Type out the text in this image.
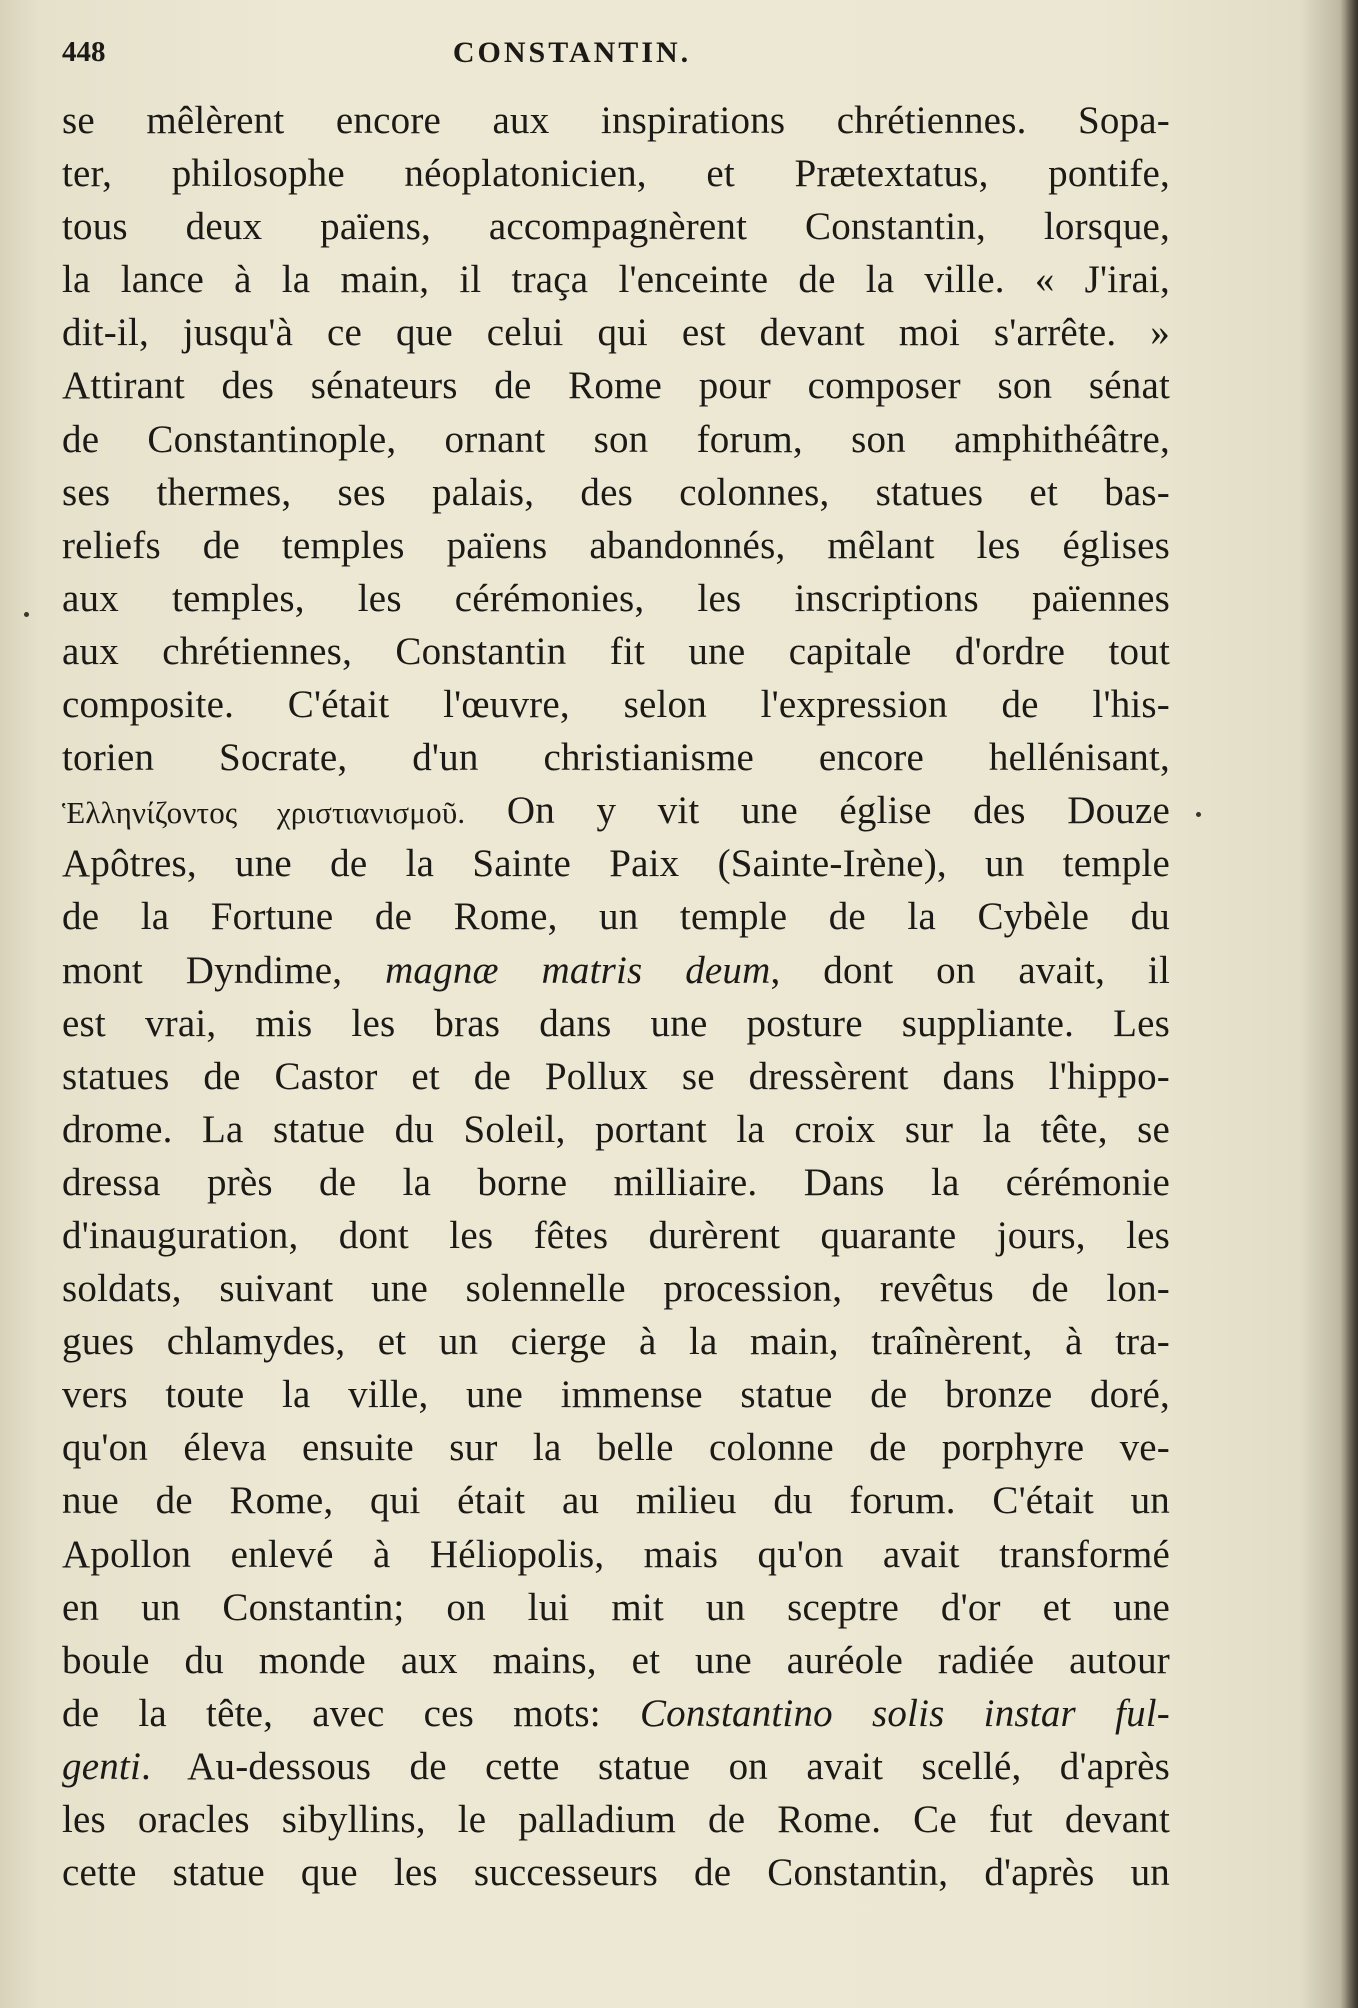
448	CONSTANTIN.
se mêlèrent encore aux inspirations chrétiennes. Sopa-
ter, philosophe néoplatonicien, et Prætextatus, pontife,
tous deux païens, accompagnèrent Constantin, lorsque,
la lance à la main, il traça l'enceinte de la ville. « J'irai,
dit-il, jusqu'à ce que celui qui est devant moi s'arrête. »
Attirant des sénateurs de Rome pour composer son sénat
de Constantinople, ornant son forum, son amphithéâtre,
ses thermes, ses palais, des colonnes, statues et bas-
reliefs de temples païens abandonnés, mêlant les églises
aux temples, les cérémonies, les inscriptions païennes
aux chrétiennes, Constantin fit une capitale d'ordre tout
composite. C'était l'œuvre, selon l'expression de l'his-
torien Socrate, d'un christianisme encore hellénisant,
Ἑλληνίζοντος χριστιανισμοῦ. On y vit une église des Douze
Apôtres, une de la Sainte Paix (Sainte-Irène), un temple
de la Fortune de Rome, un temple de la Cybèle du
mont Dyndime, magnæ matris deum, dont on avait, il
est vrai, mis les bras dans une posture suppliante. Les
statues de Castor et de Pollux se dressèrent dans l'hippo-
drome. La statue du Soleil, portant la croix sur la tête, se
dressa près de la borne milliaire. Dans la cérémonie
d'inauguration, dont les fêtes durèrent quarante jours, les
soldats, suivant une solennelle procession, revêtus de lon-
gues chlamydes, et un cierge à la main, traînèrent, à tra-
vers toute la ville, une immense statue de bronze doré,
qu'on éleva ensuite sur la belle colonne de porphyre ve-
nue de Rome, qui était au milieu du forum. C'était un
Apollon enlevé à Héliopolis, mais qu'on avait transformé
en un Constantin; on lui mit un sceptre d'or et une
boule du monde aux mains, et une auréole radiée autour
de la tête, avec ces mots: Constantino solis instar ful-
genti. Au-dessous de cette statue on avait scellé, d'après
les oracles sibyllins, le palladium de Rome. Ce fut devant
cette statue que les successeurs de Constantin, d'après un
